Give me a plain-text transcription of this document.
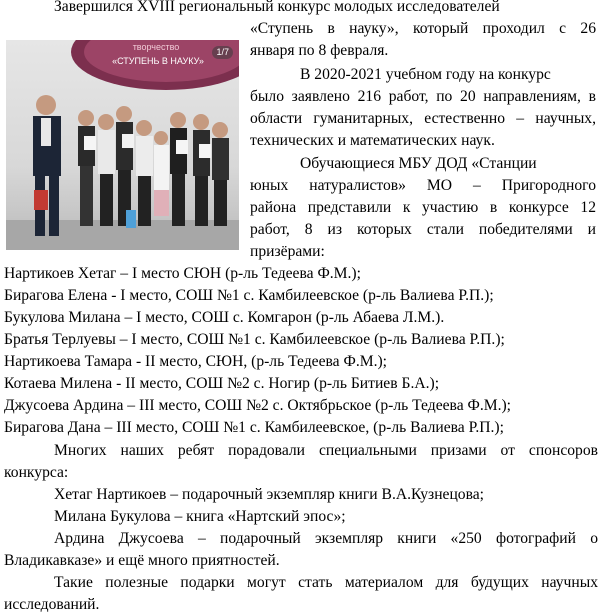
творчество
«СТУПЕНЬ В НАУКУ»
1/7
Завершился XVIII региональный конкурс молодых исследователей
«Ступень в науку», который проходил с 26
января по 8 февраля.
В 2020-2021 учебном году на конкурс
было заявлено 216 работ, по 20 направлениям, в
области гуманитарных, естественно – научных,
технических и математических наук.
Обучающиеся МБУ ДОД «Станции
юных натуралистов» МО – Пригородного
района представили к участию в конкурсе 12
работ, 8 из которых стали победителями и
призёрами:
Нартикоев Хетаг – I место СЮН (р-ль Тедеева Ф.М.);
Бирагова Елена - I место, СОШ №1 с. Камбилеевское (р-ль Валиева Р.П.);
Букулова Милана – I место, СОШ с. Комгарон (р-ль Абаева Л.М.).
Братья Терлуевы – I место, СОШ №1 с. Камбилеевское (р-ль Валиева Р.П.);
Нартикоева Тамара - II место, СЮН, (р-ль Тедеева Ф.М.);
Котаева Милена - II место, СОШ №2 с. Ногир (р-ль Битиев Б.А.);
Джусоева Ардина – III место, СОШ №2 с. Октябрьское (р-ль Тедеева Ф.М.);
Бирагова Дана – III место, СОШ №1 с. Камбилеевское, (р-ль Валиева Р.П.);
Многих наших ребят порадовали специальными призами от спонсоров
конкурса:
Хетаг Нартикоев – подарочный экземпляр книги В.А.Кузнецова;
Милана Букулова – книга «Нартский эпос»;
Ардина Джусоева – подарочный экземпляр книги «250 фотографий о
Владикавказе» и ещё много приятностей.
Такие полезные подарки могут стать материалом для будущих научных
исследований.
